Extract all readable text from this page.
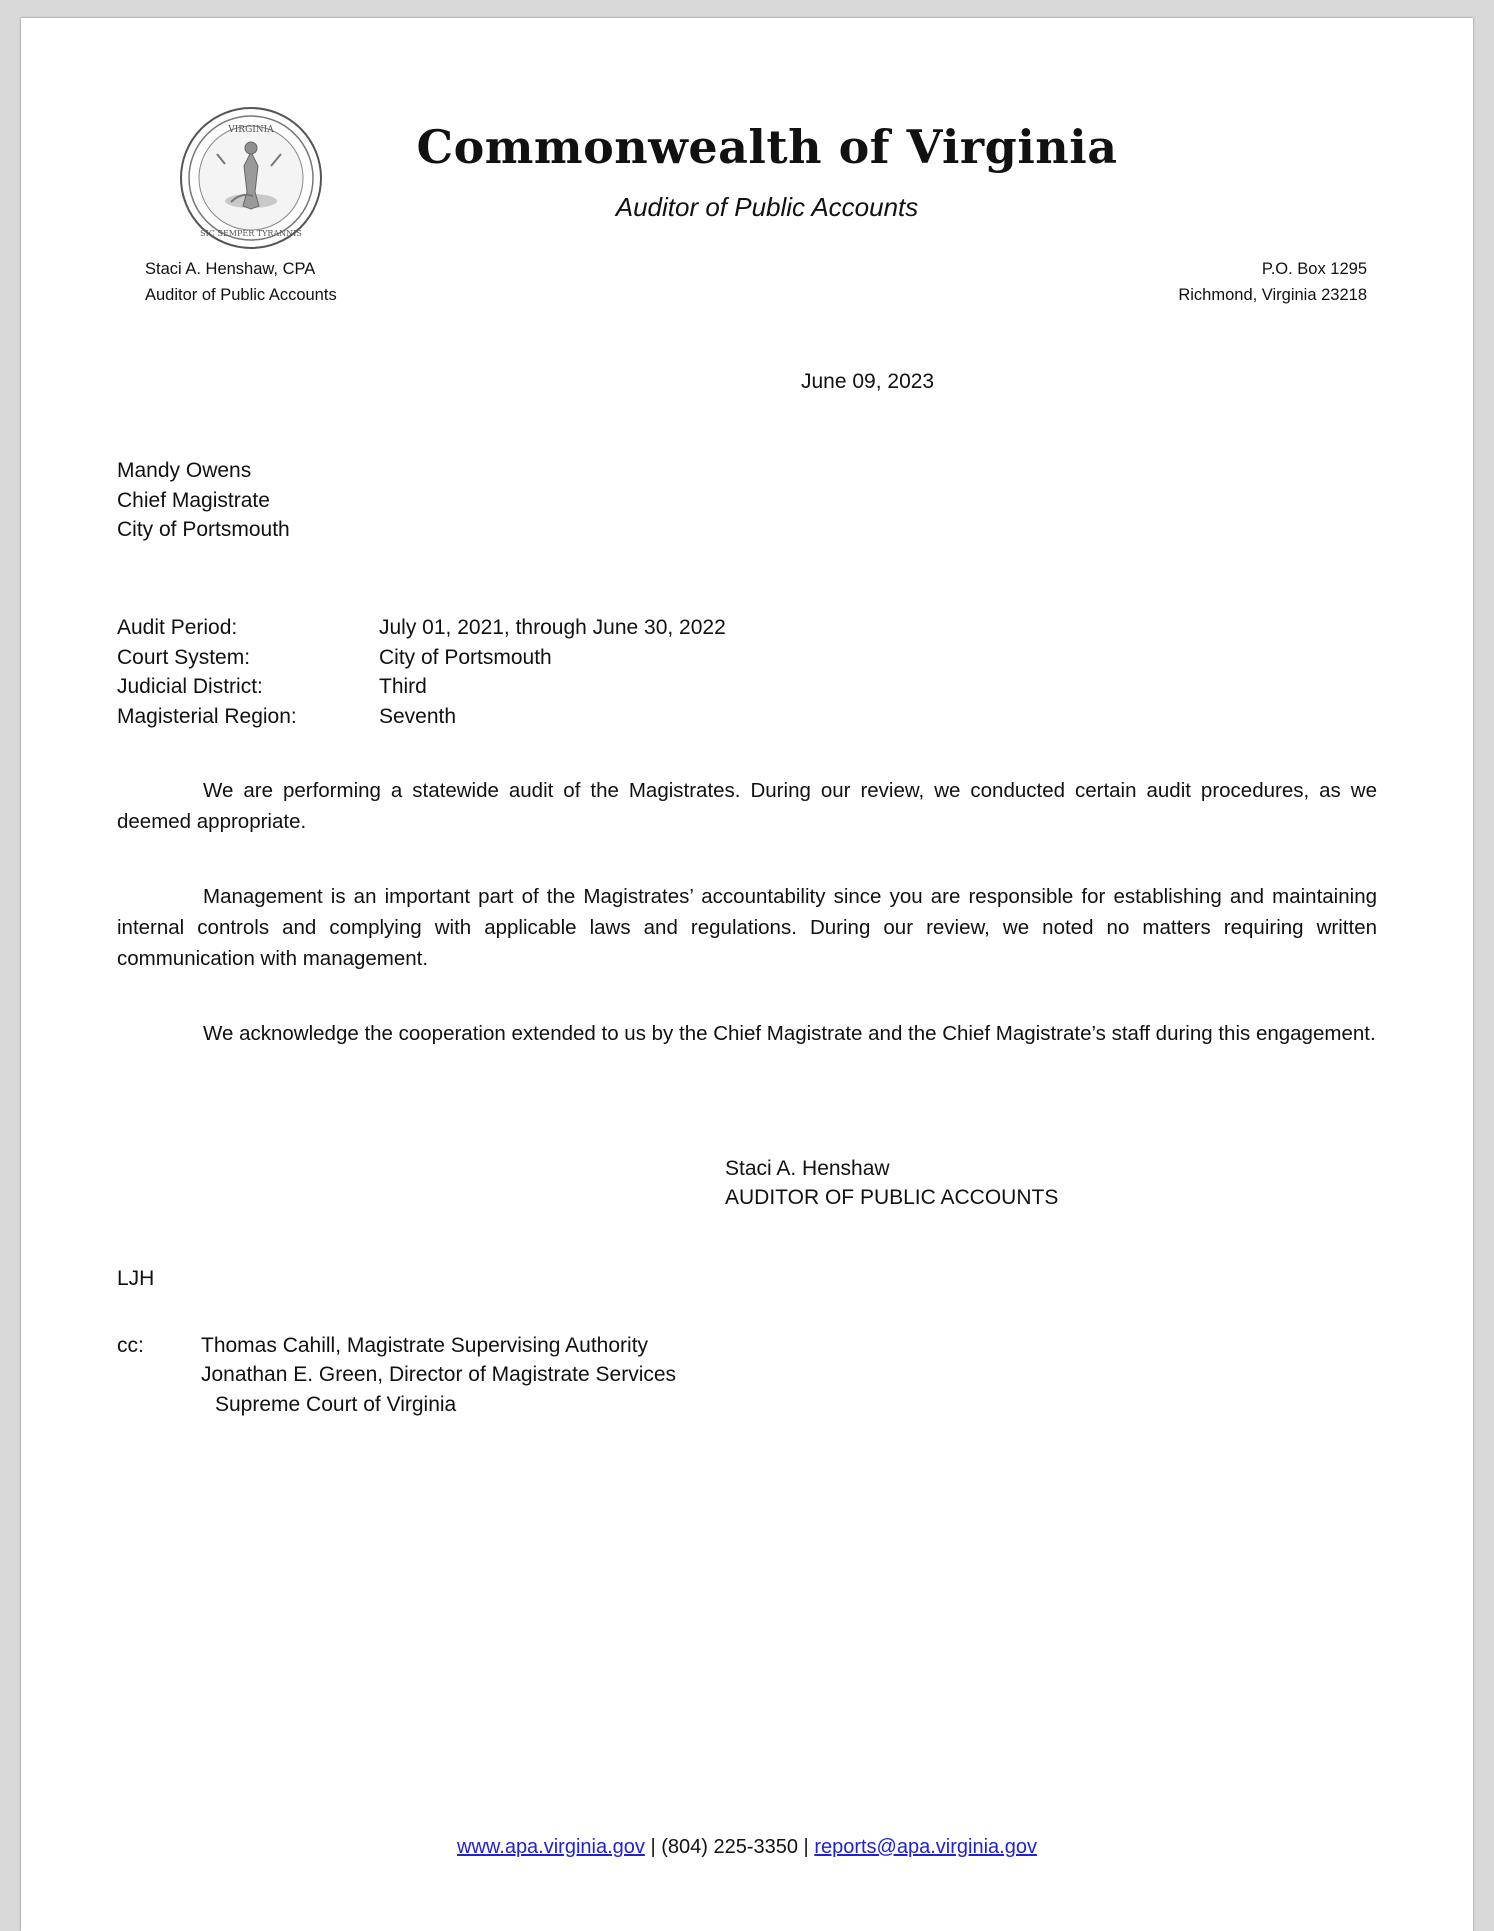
VIRGINIA
SIC SEMPER TYRANNIS
Commonwealth of Virginia
Auditor of Public Accounts
Staci A. Henshaw, CPA
Auditor of Public Accounts
P.O. Box 1295
Richmond, Virginia 23218
June 09, 2023
Mandy Owens
Chief Magistrate
City of Portsmouth
Audit Period:	July 01, 2021, through June 30, 2022
Court System:	City of Portsmouth
Judicial District:	Third
Magisterial Region:	Seventh
We are performing a statewide audit of the Magistrates. During our review, we conducted certain audit procedures, as we deemed appropriate.
Management is an important part of the Magistrates’ accountability since you are responsible for establishing and maintaining internal controls and complying with applicable laws and regulations. During our review, we noted no matters requiring written communication with management.
We acknowledge the cooperation extended to us by the Chief Magistrate and the Chief Magistrate’s staff during this engagement.
Staci A. Henshaw
AUDITOR OF PUBLIC ACCOUNTS
LJH
cc:	Thomas Cahill, Magistrate Supervising Authority
Jonathan E. Green, Director of Magistrate Services
Supreme Court of Virginia
www.apa.virginia.gov | (804) 225-3350 | reports@apa.virginia.gov
